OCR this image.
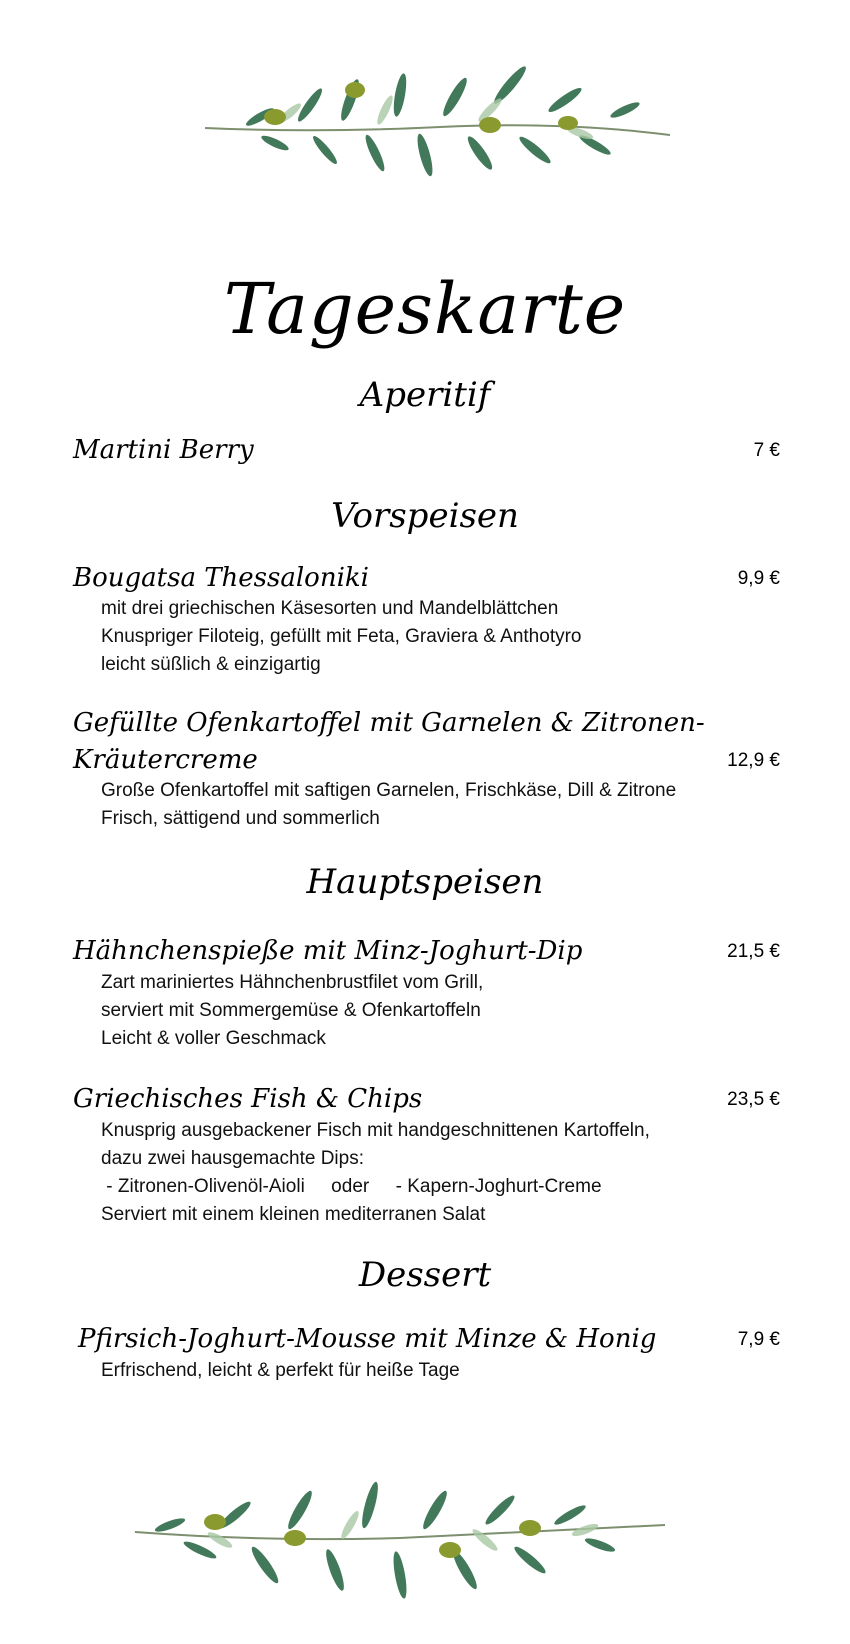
Tageskarte
Aperitif
Martini Berry	7 €
Vorspeisen
Bougatsa Thessaloniki	9,9 €
mit drei griechischen Käsesorten und Mandelblättchen
Knuspriger Filoteig, gefüllt mit Feta, Graviera & Anthotyro
leicht süßlich & einzigartig
Gefüllte Ofenkartoffel mit Garnelen & Zitronen-
Kräutercreme	12,9 €
Große Ofenkartoffel mit saftigen Garnelen, Frischkäse, Dill & Zitrone
Frisch, sättigend und sommerlich
Hauptspeisen
Hähnchenspieße mit Minz-Joghurt-Dip	21,5 €
Zart mariniertes Hähnchenbrustfilet vom Grill,
serviert mit Sommergemüse & Ofenkartoffeln
Leicht & voller Geschmack
Griechisches Fish & Chips	23,5 €
Knusprig ausgebackener Fisch mit handgeschnittenen Kartoffeln,
dazu zwei hausgemachte Dips:
- Zitronen-Olivenöl-Aioli     oder     - Kapern-Joghurt-Creme
Serviert mit einem kleinen mediterranen Salat
Dessert
Pfirsich-Joghurt-Mousse mit Minze & Honig	7,9 €
Erfrischend, leicht & perfekt für heiße Tage
